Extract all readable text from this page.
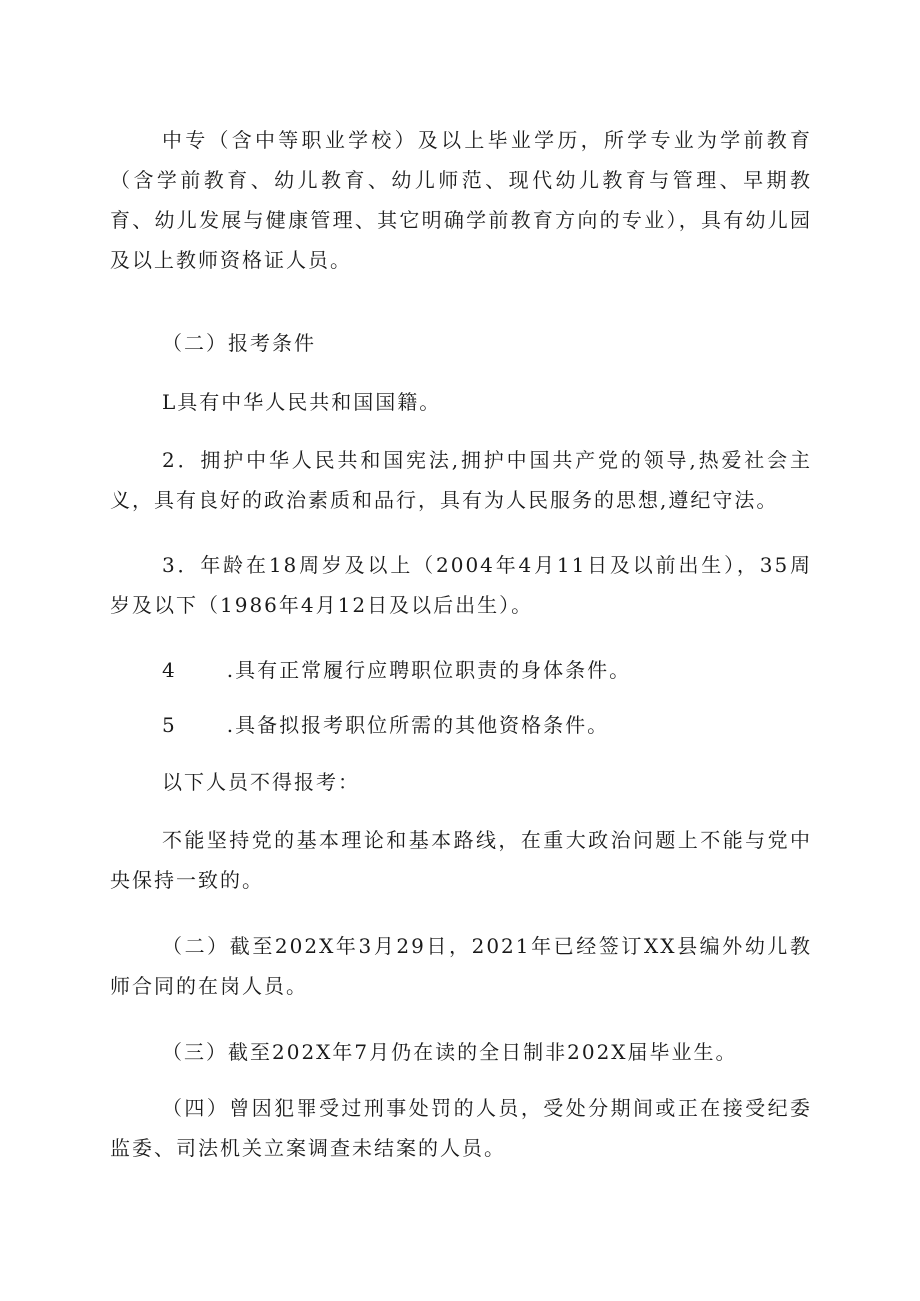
中专（含中等职业学校）及以上毕业学历，所学专业为学前教育（含学前教育、幼儿教育、幼儿师范、现代幼儿教育与管理、早期教育、幼儿发展与健康管理、其它明确学前教育方向的专业），具有幼儿园及以上教师资格证人员。

（二）报考条件

L具有中华人民共和国国籍。

2．拥护中华人民共和国宪法,拥护中国共产党的领导,热爱社会主义，具有良好的政治素质和品行，具有为人民服务的思想,遵纪守法。

3．年龄在18周岁及以上（2004年4月11日及以前出生），35周岁及以下（1986年4月12日及以后出生）。

4	.具有正常履行应聘职位职责的身体条件。

5	.具备拟报考职位所需的其他资格条件。

以下人员不得报考：

不能坚持党的基本理论和基本路线，在重大政治问题上不能与党中央保持一致的。

（二）截至202X年3月29日，2021年已经签订XX县编外幼儿教师合同的在岗人员。

（三）截至202X年7月仍在读的全日制非202X届毕业生。

（四）曾因犯罪受过刑事处罚的人员，受处分期间或正在接受纪委监委、司法机关立案调查未结案的人员。
